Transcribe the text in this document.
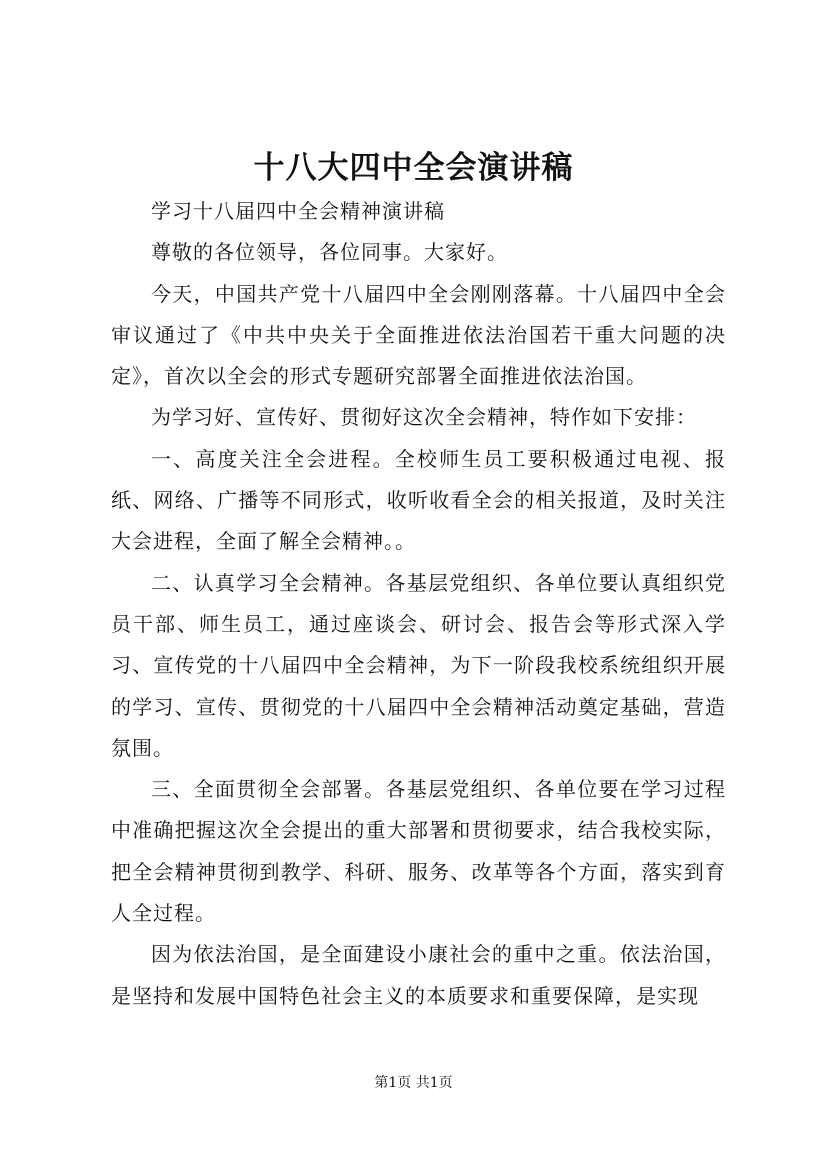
十八大四中全会演讲稿

学习十八届四中全会精神演讲稿

尊敬的各位领导，各位同事。大家好。

今天，中国共产党十八届四中全会刚刚落幕。十八届四中全会审议通过了《中共中央关于全面推进依法治国若干重大问题的决定》，首次以全会的形式专题研究部署全面推进依法治国。

为学习好、宣传好、贯彻好这次全会精神，特作如下安排：

一、高度关注全会进程。全校师生员工要积极通过电视、报纸、网络、广播等不同形式，收听收看全会的相关报道，及时关注大会进程，全面了解全会精神。。

二、认真学习全会精神。各基层党组织、各单位要认真组织党员干部、师生员工，通过座谈会、研讨会、报告会等形式深入学习、宣传党的十八届四中全会精神，为下一阶段我校系统组织开展的学习、宣传、贯彻党的十八届四中全会精神活动奠定基础，营造氛围。

三、全面贯彻全会部署。各基层党组织、各单位要在学习过程中准确把握这次全会提出的重大部署和贯彻要求，结合我校实际，把全会精神贯彻到教学、科研、服务、改革等各个方面，落实到育人全过程。

因为依法治国，是全面建设小康社会的重中之重。依法治国，是坚持和发展中国特色社会主义的本质要求和重要保障，是实现

第1页 共1页
